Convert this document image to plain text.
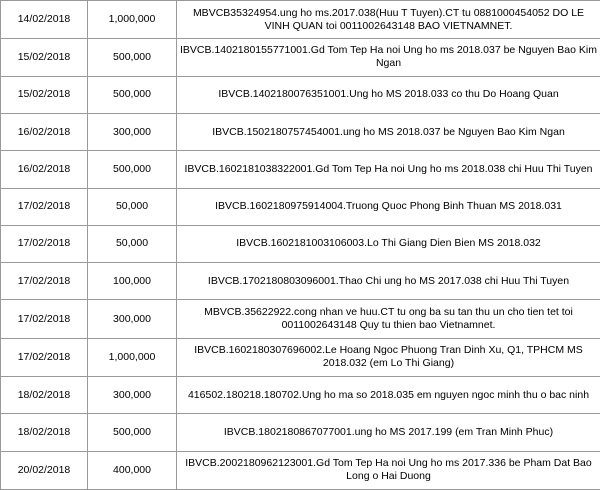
14/02/2018	1,000,000	MBVCB35324954.ung ho ms.2017.038(Huu T Tuyen).CT tu 0881000454052 DO LE VINH QUAN toi 0011002643148 BAO VIETNAMNET.
15/02/2018	500,000	IBVCB.1402180155771001.Gd Tom Tep Ha noi Ung ho ms 2018.037 be Nguyen Bao Kim Ngan
15/02/2018	500,000	IBVCB.1402180076351001.Ung ho MS 2018.033 co thu Do Hoang Quan
16/02/2018	300,000	IBVCB.1502180757454001.ung ho MS 2018.037 be Nguyen Bao Kim Ngan
16/02/2018	500,000	IBVCB.1602181038322001.Gd Tom Tep Ha noi Ung ho ms 2018.038 chi Huu Thi Tuyen
17/02/2018	50,000	IBVCB.1602180975914004.Truong Quoc Phong Binh Thuan MS 2018.031
17/02/2018	50,000	IBVCB.1602181003106003.Lo Thi Giang Dien Bien MS 2018.032
17/02/2018	100,000	IBVCB.1702180803096001.Thao Chi ung ho MS 2017.038 chi Huu Thi Tuyen
17/02/2018	300,000	MBVCB.35622922.cong nhan ve huu.CT tu ong ba su tan thu un cho tien tet toi 0011002643148 Quy tu thien bao Vietnamnet.
17/02/2018	1,000,000	IBVCB.1602180307696002.Le Hoang Ngoc Phuong Tran Dinh Xu, Q1, TPHCM MS 2018.032 (em Lo Thi Giang)
18/02/2018	300,000	416502.180218.180702.Ung ho ma so 2018.035 em nguyen ngoc minh thu o bac ninh
18/02/2018	500,000	IBVCB.1802180867077001.ung ho MS 2017.199 (em Tran Minh Phuc)
20/02/2018	400,000	IBVCB.2002180962123001.Gd Tom Tep Ha noi Ung ho ms 2017.336 be Pham Dat Bao Long o Hai Duong
